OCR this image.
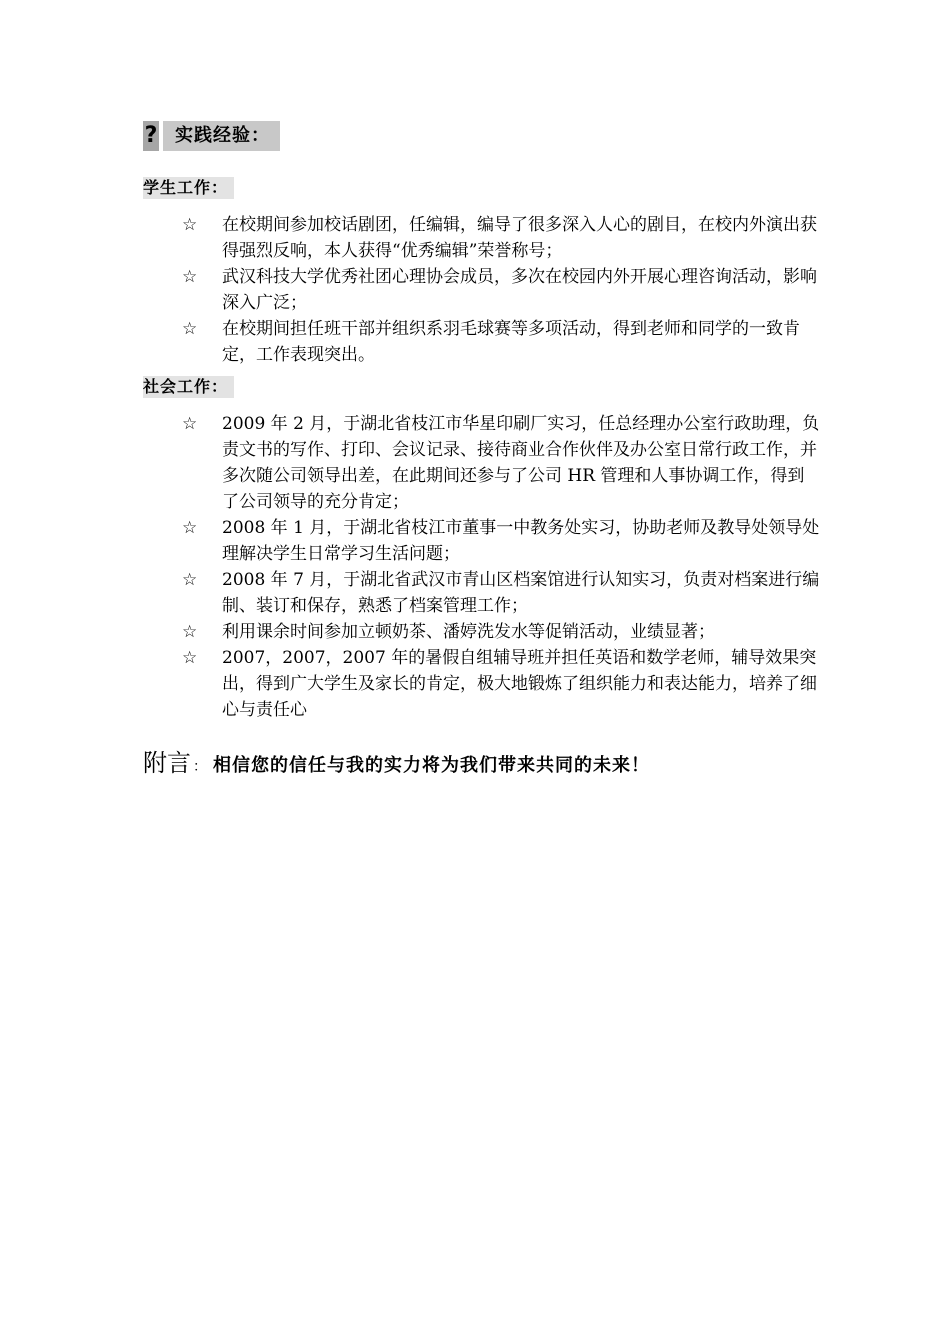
? 实践经验：
学生工作：
☆ 在校期间参加校话剧团，任编辑，编导了很多深入人心的剧目，在校内外演出获得强烈反响，本人获得“优秀编辑”荣誉称号；
☆ 武汉科技大学优秀社团心理协会成员，多次在校园内外开展心理咨询活动，影响深入广泛；
☆ 在校期间担任班干部并组织系羽毛球赛等多项活动，得到老师和同学的一致肯定，工作表现突出。
社会工作：
☆ 2009 年 2 月，于湖北省枝江市华星印刷厂实习，任总经理办公室行政助理，负责文书的写作、打印、会议记录、接待商业合作伙伴及办公室日常行政工作，并多次随公司领导出差，在此期间还参与了公司 HR 管理和人事协调工作，得到了公司领导的充分肯定；
☆ 2008 年 1 月，于湖北省枝江市董事一中教务处实习，协助老师及教导处领导处理解决学生日常学习生活问题；
☆ 2008 年 7 月，于湖北省武汉市青山区档案馆进行认知实习，负责对档案进行编制、装订和保存，熟悉了档案管理工作；
☆ 利用课余时间参加立顿奶茶、潘婷洗发水等促销活动，业绩显著；
☆ 2007，2007，2007 年的暑假自组辅导班并担任英语和数学老师，辅导效果突出，得到广大学生及家长的肯定，极大地锻炼了组织能力和表达能力，培养了细心与责任心
附言 ： 相信您的信任与我的实力将为我们带来共同的未来！
